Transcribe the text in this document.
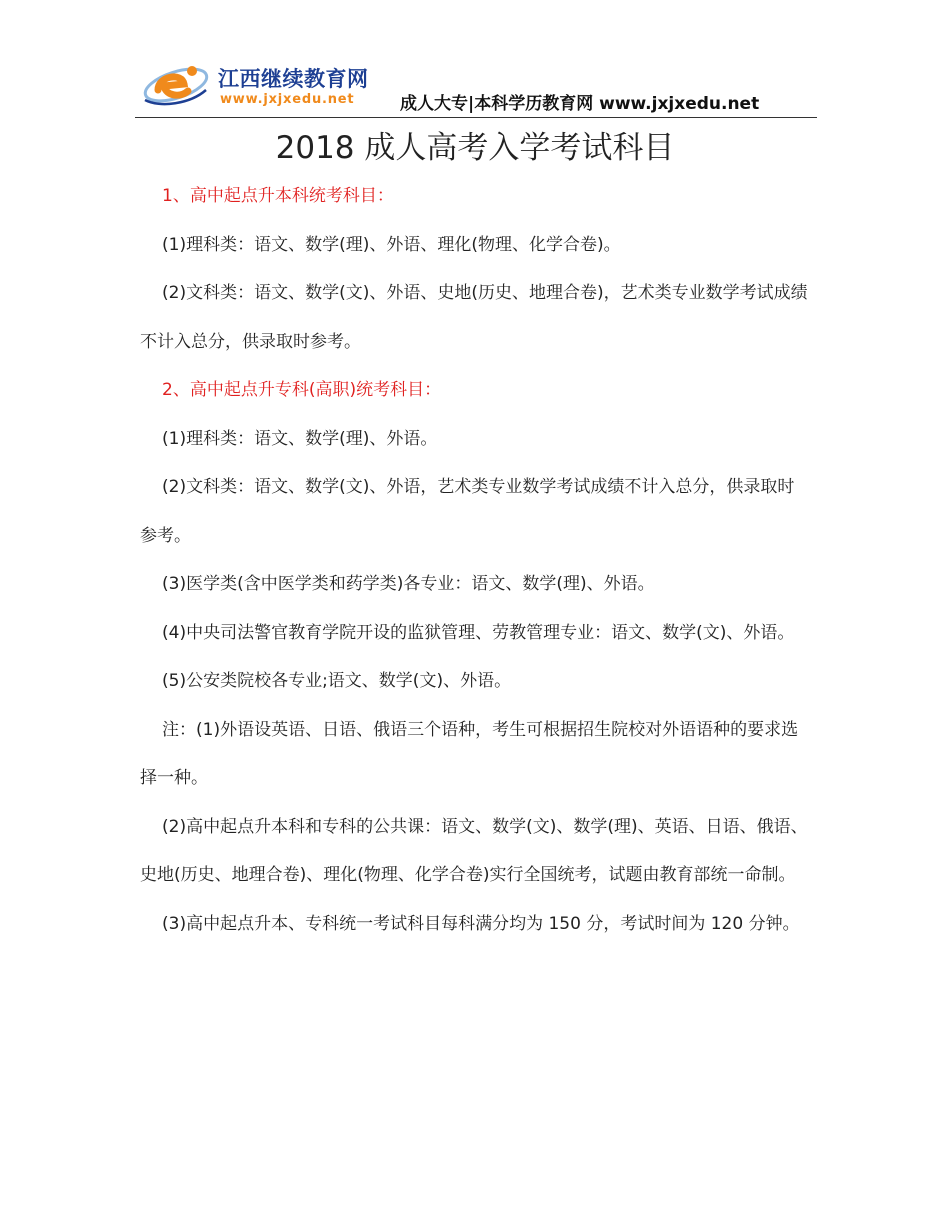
江西继续教育网
www.jxjxedu.net	成人大专|本科学历教育网 www.jxjxedu.net
2018 成人高考入学考试科目

1、高中起点升本科统考科目：

(1)理科类：语文、数学(理)、外语、理化(物理、化学合卷)。

(2)文科类：语文、数学(文)、外语、史地(历史、地理合卷)，艺术类专业数学考试成绩不计入总分，供录取时参考。

2、高中起点升专科(高职)统考科目：

(1)理科类：语文、数学(理)、外语。

(2)文科类：语文、数学(文)、外语，艺术类专业数学考试成绩不计入总分，供录取时参考。

(3)医学类(含中医学类和药学类)各专业：语文、数学(理)、外语。

(4)中央司法警官教育学院开设的监狱管理、劳教管理专业：语文、数学(文)、外语。

(5)公安类院校各专业;语文、数学(文)、外语。

注：(1)外语设英语、日语、俄语三个语种，考生可根据招生院校对外语语种的要求选择一种。

(2)高中起点升本科和专科的公共课：语文、数学(文)、数学(理)、英语、日语、俄语、史地(历史、地理合卷)、理化(物理、化学合卷)实行全国统考，试题由教育部统一命制。

(3)高中起点升本、专科统一考试科目每科满分均为 150 分，考试时间为 120 分钟。
